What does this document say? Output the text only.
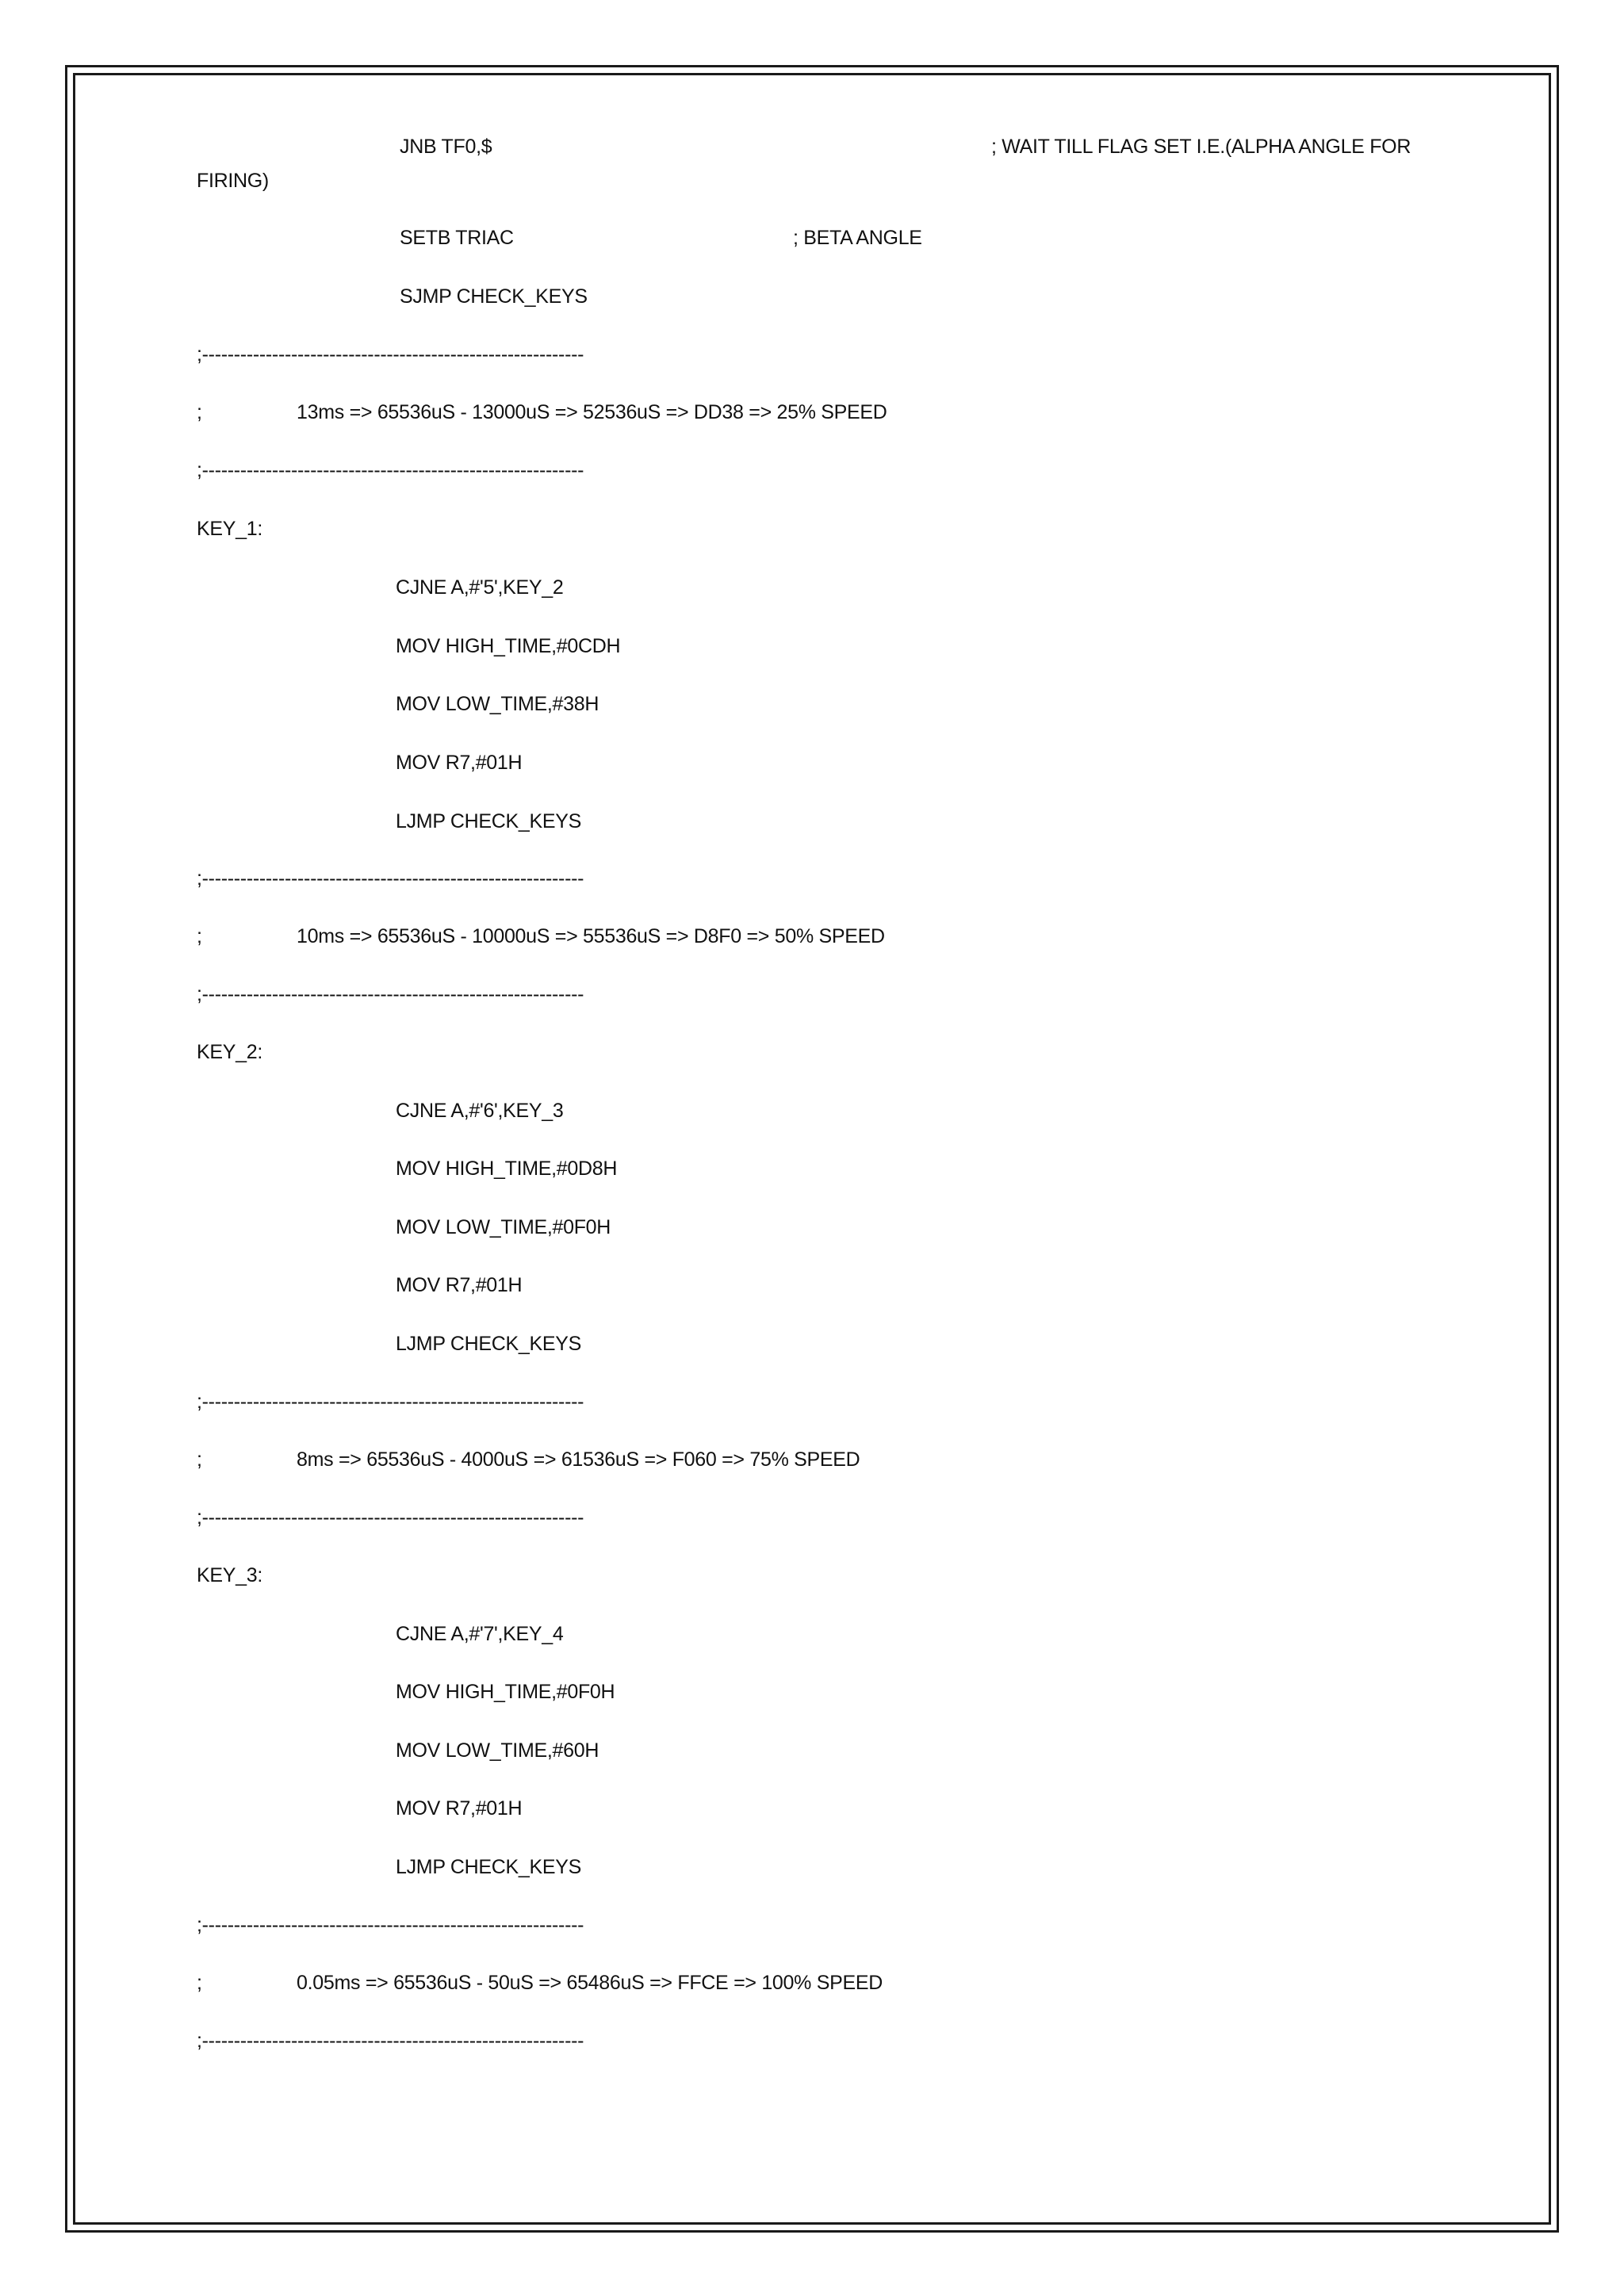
JNB TF0,$	; WAIT TILL FLAG SET I.E.(ALPHA ANGLE FOR
FIRING)
SETB TRIAC	; BETA ANGLE
SJMP CHECK_KEYS
;------------------------------------------------------------
;	13ms => 65536uS - 13000uS => 52536uS => DD38 => 25% SPEED
;------------------------------------------------------------
KEY_1:
CJNE A,#'5',KEY_2
MOV HIGH_TIME,#0CDH
MOV LOW_TIME,#38H
MOV R7,#01H
LJMP CHECK_KEYS
;------------------------------------------------------------
;	10ms => 65536uS - 10000uS => 55536uS => D8F0 => 50% SPEED
;------------------------------------------------------------
KEY_2:
CJNE A,#'6',KEY_3
MOV HIGH_TIME,#0D8H
MOV LOW_TIME,#0F0H
MOV R7,#01H
LJMP CHECK_KEYS
;------------------------------------------------------------
;	8ms => 65536uS - 4000uS => 61536uS => F060 => 75% SPEED
;------------------------------------------------------------
KEY_3:
CJNE A,#'7',KEY_4
MOV HIGH_TIME,#0F0H
MOV LOW_TIME,#60H
MOV R7,#01H
LJMP CHECK_KEYS
;------------------------------------------------------------
;	0.05ms => 65536uS - 50uS => 65486uS => FFCE => 100% SPEED
;------------------------------------------------------------
